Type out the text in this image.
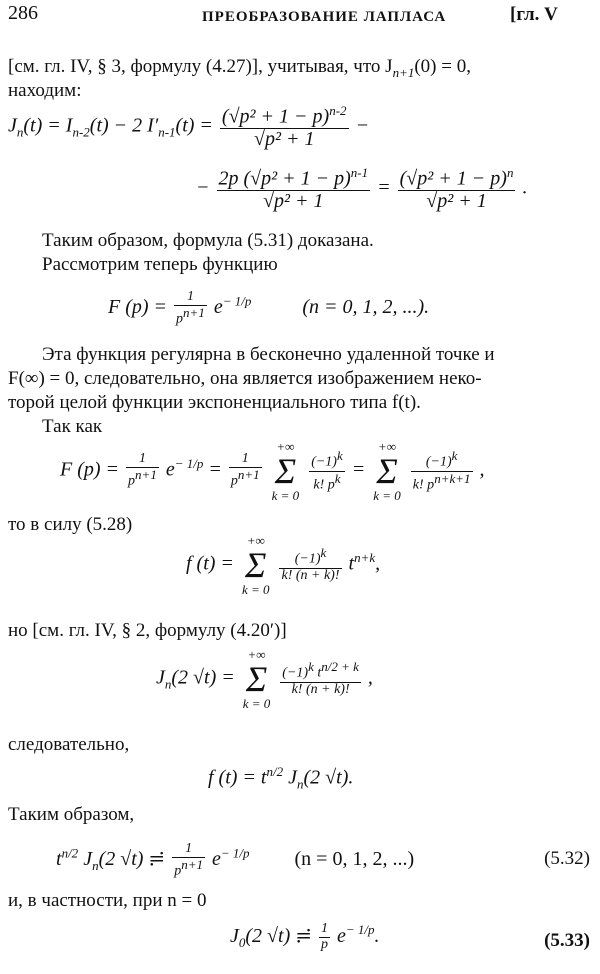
286	ПРЕОБРАЗОВАНИЕ ЛАПЛАСА	[гл. V
[см. гл. IV, § 3, формулу (4.27)], учитывая, что $J_{n+1}(0) = 0$,
находим:
$J_n(t) = I_{n-2}(t) - 2$ $I'_{n-1}(t) = \frac{(√p^2 + 1 - p)^{n-2}}{\text{√p² + 1}}$ −
− $\frac{2p (√p^2 + 1 - p)^{n-1}}{\text{√p² + 1}} = \frac{(√p^2 + 1 - p)^n}{\text{√p² + 1}}$ .
Таким образом, формула (5.31) доказана.
Рассмотрим теперь функцию
F $(p) = \frac{1}{p^{n+1}} e^{- 1/p}$	(n = 0, 1, 2, ...).
Эта функция регулярна в бесконечно удаленной точке и
F(∞) = 0, следовательно, она является изображением неко-
торой целой функции экспоненциального типа f(t).
Так как
F $(p) = \frac{1}{p^{n+1}} e^{- 1/p} = \frac{1}{p^{n+1}}$

+∞
Σ
k = 0

$\frac{(-1)^k}{k! p^k}$ =
+∞
Σ
k = 0

$\frac{(-1)^k}{k! p^{n+k+1}}$ ,
то в силу (5.28)
f (t) =
+∞
Σ
k = 0

$\frac{(-1)^k}{k! (n + k)!} t^{n+k}$,
но [см. гл. IV, § 2, формулу (4.20′)]
$J_n(2$ √t) =
+∞
Σ
k = 0

$\frac{(-1)^k t^{n/2 + k}}{k! (n + k)!}$ ,
следовательно,
f $(t) = t^{n/2}$ $J_n(2$ √t).
Таким образом,
$t^{n/2}$ $J_n(2$ √t) ≓ $\frac{1}{p^{n+1}} e^{- 1/p}$ (n = 0, 1, 2, ...)	(5.32)
и, в частности, при n = 0
$J_0(2$ √t) ≓ $\frac{1}{p} e^{- 1/p}$.	(5.33)
